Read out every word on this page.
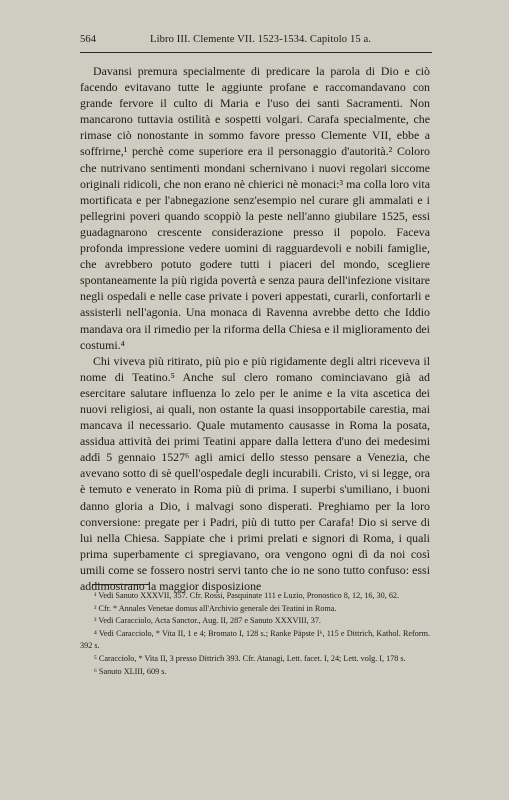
564	Libro III. Clemente VII. 1523-1534. Capitolo 15 a.

Davansi premura specialmente di predicare la parola di Dio e ciò facendo evitavano tutte le aggiunte profane e raccomandavano con grande fervore il culto di Maria e l'uso dei santi Sacramenti. Non mancarono tuttavia ostilità e sospetti volgari. Carafa specialmente, che rimase ciò nonostante in sommo favore presso Clemente VII, ebbe a soffrirne,¹ perchè come superiore era il personaggio d'autorità.² Coloro che nutrivano sentimenti mondani schernivano i nuovi regolari siccome originali ridicoli, che non erano nè chierici nè monaci:³ ma colla loro vita mortificata e per l'abnegazione senz'esempio nel curare gli ammalati e i pellegrini poveri quando scoppiò la peste nell'anno giubilare 1525, essi guadagnarono crescente considerazione presso il popolo. Faceva profonda impressione vedere uomini di ragguardevoli e nobili famiglie, che avrebbero potuto godere tutti i piaceri del mondo, scegliere spontaneamente la più rigida povertà e senza paura dell'infezione visitare negli ospedali e nelle case private i poveri appestati, curarli, confortarli e assisterli nell'agonia. Una monaca di Ravenna avrebbe detto che Iddio mandava ora il rimedio per la riforma della Chiesa e il miglioramento dei costumi.⁴

Chi viveva più ritirato, più pio e più rigidamente degli altri riceveva il nome di Teatino.⁵ Anche sul clero romano cominciavano già ad esercitare salutare influenza lo zelo per le anime e la vita ascetica dei nuovi religiosi, ai quali, non ostante la quasi insopportabile carestia, mai mancava il necessario. Quale mutamento causasse in Roma la posata, assidua attività dei primi Teatini appare dalla lettera d'uno dei medesimi addì 5 gennaio 1527⁶ agli amici dello stesso pensare a Venezia, che avevano sotto di sè quell'ospedale degli incurabili. Cristo, vi si legge, ora è temuto e venerato in Roma più di prima. I superbi s'umiliano, i buoni danno gloria a Dio, i malvagi sono disperati. Preghiamo per la loro conversione: pregate per i Padri, più di tutto per Carafa! Dio si serve di lui nella Chiesa. Sappiate che i primi prelati e signori di Roma, i quali prima superbamente ci spregiavano, ora vengono ogni dì da noi così umili come se fossero nostri servi tanto che io ne sono tutto confuso: essi addimostrano la maggior disposizione

¹ Vedi Sanuto XXXVII, 357. Cfr. Rossi, Pasquinate 111 e Luzio, Pronostico 8, 12, 16, 30, 62.

² Cfr. * Annales Venetae domus all'Archivio generale dei Teatini in Roma.

³ Vedi Caracciolo, Acta Sanctor., Aug. II, 287 e Sanuto XXXVIII, 37.

⁴ Vedi Caracciolo, * Vita II, 1 e 4; Bromato I, 128 s.; Ranke Päpste I⁶, 115 e Dittrich, Kathol. Reform. 392 s.

⁵ Caracciolo, * Vita II, 3 presso Dittrich 393. Cfr. Atanagi, Lett. facet. I, 24; Lett. volg. I, 178 s.

⁶ Sanuto XLIII, 609 s.
